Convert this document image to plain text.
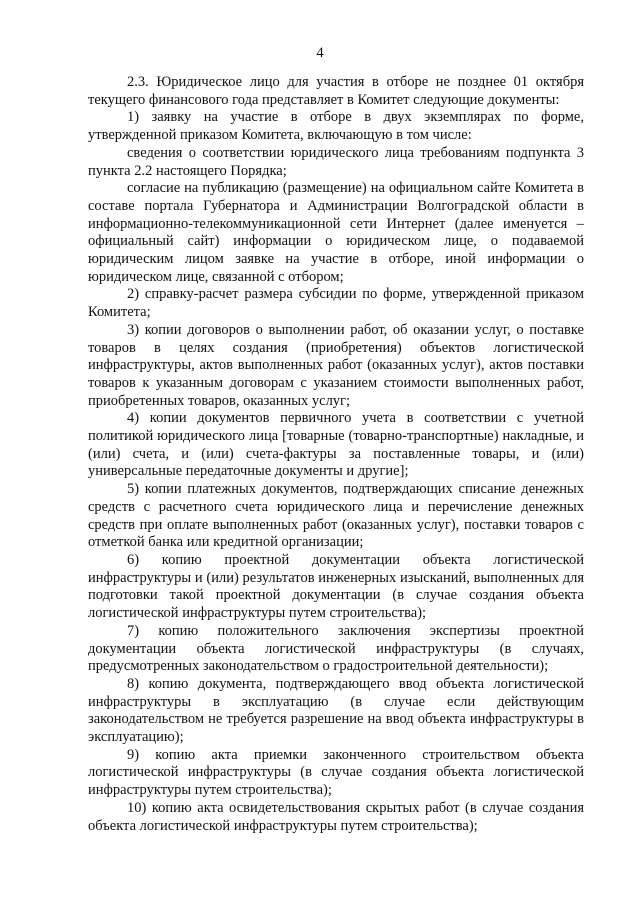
4

2.3. Юридическое лицо для участия в отборе не позднее 01 октября текущего финансового года представляет в Комитет следующие документы:

1) заявку на участие в отборе в двух экземплярах по форме, утвержденной приказом Комитета, включающую в том числе:

сведения о соответствии юридического лица требованиям подпункта 3 пункта 2.2 настоящего Порядка;

согласие на публикацию (размещение) на официальном сайте Комитета в составе портала Губернатора и Администрации Волгоградской области в информационно-телекоммуникационной сети Интернет (далее именуется – официальный сайт) информации о юридическом лице, о подаваемой юридическим лицом заявке на участие в отборе, иной информации о юридическом лице, связанной с отбором;

2) справку-расчет размера субсидии по форме, утвержденной приказом Комитета;

3) копии договоров о выполнении работ, об оказании услуг, о поставке товаров в целях создания (приобретения) объектов логистической инфраструктуры, актов выполненных работ (оказанных услуг), актов поставки товаров к указанным договорам с указанием стоимости выполненных работ, приобретенных товаров, оказанных услуг;

4) копии документов первичного учета в соответствии с учетной политикой юридического лица [товарные (товарно-транспортные) накладные, и (или) счета, и (или) счета-фактуры за поставленные товары, и (или) универсальные передаточные документы и другие];

5) копии платежных документов, подтверждающих списание денежных средств с расчетного счета юридического лица и перечисление денежных средств при оплате выполненных работ (оказанных услуг), поставки товаров с отметкой банка или кредитной организации;

6) копию проектной документации объекта логистической инфраструктуры и (или) результатов инженерных изысканий, выполненных для подготовки такой проектной документации (в случае создания объекта логистической инфраструктуры путем строительства);

7) копию положительного заключения экспертизы проектной документации объекта логистической инфраструктуры (в случаях, предусмотренных законодательством о градостроительной деятельности);

8) копию документа, подтверждающего ввод объекта логистической инфраструктуры в эксплуатацию (в случае если действующим законодательством не требуется разрешение на ввод объекта инфраструктуры в эксплуатацию);

9) копию акта приемки законченного строительством объекта логистической инфраструктуры (в случае создания объекта логистической инфраструктуры путем строительства);

10) копию акта освидетельствования скрытых работ (в случае создания объекта логистической инфраструктуры путем строительства);
